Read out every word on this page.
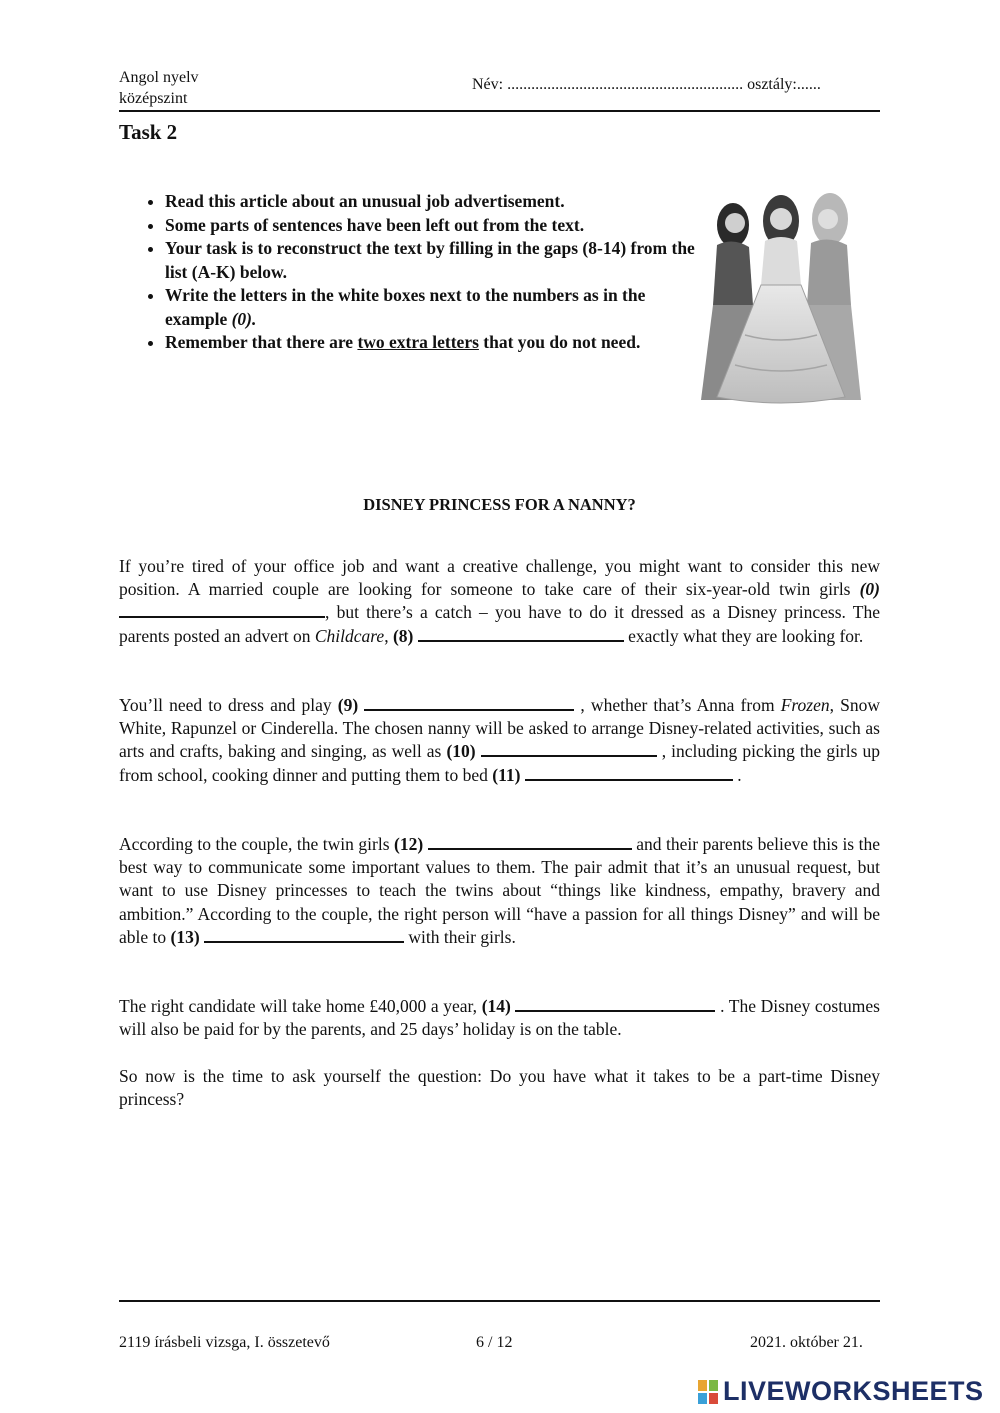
Angol nyelv
középszint
Név: ........................................................... osztály:......
Task 2
• Read this article about an unusual job advertisement.
• Some parts of sentences have been left out from the text.
• Your task is to reconstruct the text by filling in the gaps (8-14) from the list (A-K) below.
• Write the letters in the white boxes next to the numbers as in the example (0).
• Remember that there are two extra letters that you do not need.
DISNEY PRINCESS FOR A NANNY?

If you’re tired of your office job and want a creative challenge, you might want to consider this new position. A married couple are looking for someone to take care of their six-year-old twin girls (0), but there’s a catch – you have to do it dressed as a Disney princess. The parents posted an advert on Childcare, (8)	exactly what they are looking for.

You’ll need to dress and play (9)	, whether that’s Anna from Frozen, Snow White, Rapunzel or Cinderella. The chosen nanny will be asked to arrange Disney-related activities, such as arts and crafts, baking and singing, as well as (10)	, including picking the girls up from school, cooking dinner and putting them to bed (11)	.

According to the couple, the twin girls (12)	and their parents believe this is the best way to communicate some important values to them. The pair admit that it’s an unusual request, but want to use Disney princesses to teach the twins about “things like kindness, empathy, bravery and ambition.” According to the couple, the right person will “have a passion for all things Disney” and will be able to (13)	with their girls.

The right candidate will take home £40,000 a year, (14)	. The Disney costumes will also be paid for by the parents, and 25 days’ holiday is on the table.

So now is the time to ask yourself the question: Do you have what it takes to be a part-time Disney princess?

2119 írásbeli vizsga, I. összetevő	6 / 12	2021. október 21.
LIVEWORKSHEETS
